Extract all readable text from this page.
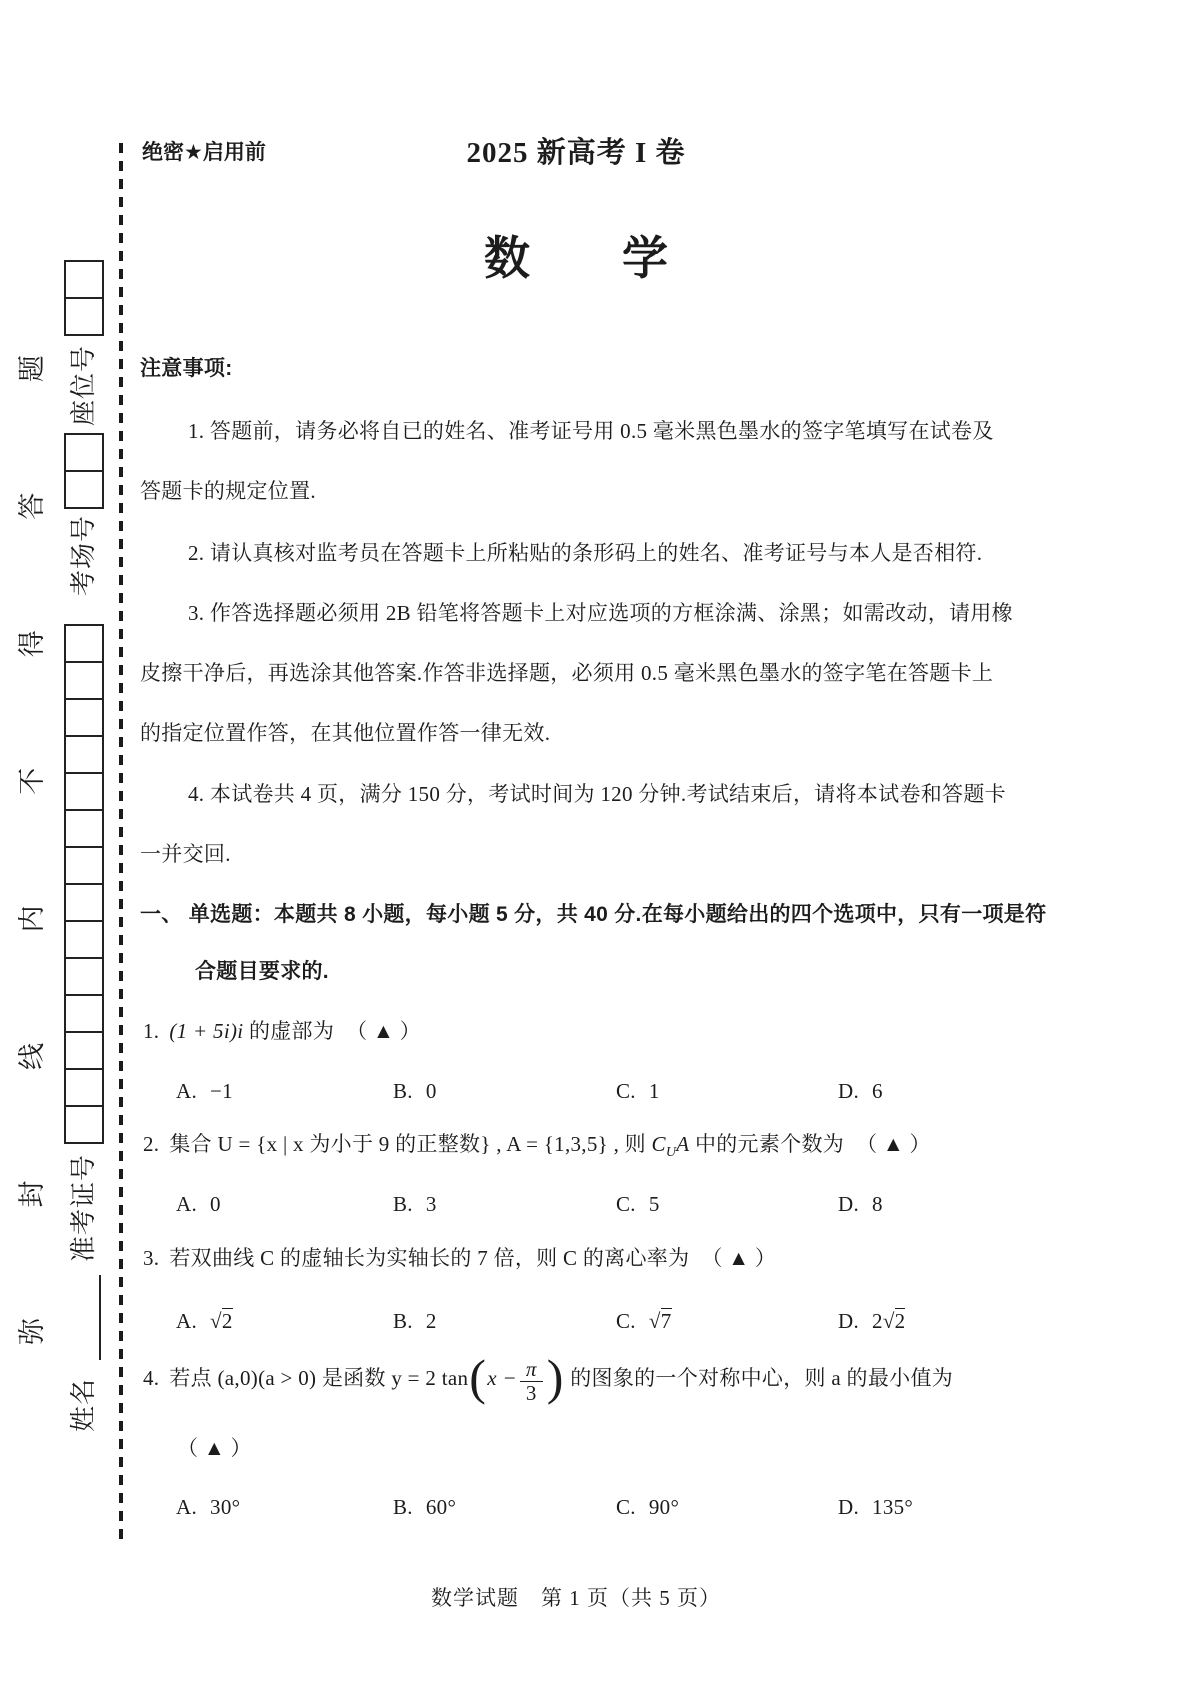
弥
封
线
内
不
得
答
题
姓名
准考证号
考场号
座位号
绝密★启用前	2025 新高考 I 卷
数　　学
注意事项:
1. 答题前，请务必将自已的姓名、准考证号用 0.5 毫米黑色墨水的签字笔填写在试卷及
答题卡的规定位置.
2. 请认真核对监考员在答题卡上所粘贴的条形码上的姓名、准考证号与本人是否相符.
3. 作答选择题必须用 2B 铅笔将答题卡上对应选项的方框涂满、涂黑；如需改动，请用橡
皮擦干净后，再选涂其他答案.作答非选择题，必须用 0.5 毫米黑色墨水的签字笔在答题卡上
的指定位置作答，在其他位置作答一律无效.
4. 本试卷共 4 页，满分 150 分，考试时间为 120 分钟.考试结束后，请将本试卷和答题卡
一并交回.
一、 单选题：本题共 8 小题，每小题 5 分，共 40 分.在每小题给出的四个选项中，只有一项是符
合题目要求的.
1. (1 + 5i)i 的虚部为 （ ▲ ）
A. −1	B. 0	C. 1	D. 6
2. 集合 U = {x | x 为小于 9 的正整数} , A = {1,3,5} , 则 $C_UA$ 中的元素个数为 （ ▲ ）
A. 0	B. 3	C. 5	D. 8
3. 若双曲线 C 的虚轴长为实轴长的 7 倍，则 C 的离心率为 （ ▲ ）
A. √2	B. 2	C. √7	D. 2√2
4. 若点 (a,0)(a > 0) 是函数 y = 2 $\tan(x - \frac{\pi}{3}$ ) 的图象的一个对称中心，则 a 的最小值为
（ ▲ ）
A. 30°	B. 60°	C. 90°	D. 135°
数学试题　第 1 页（共 5 页）
